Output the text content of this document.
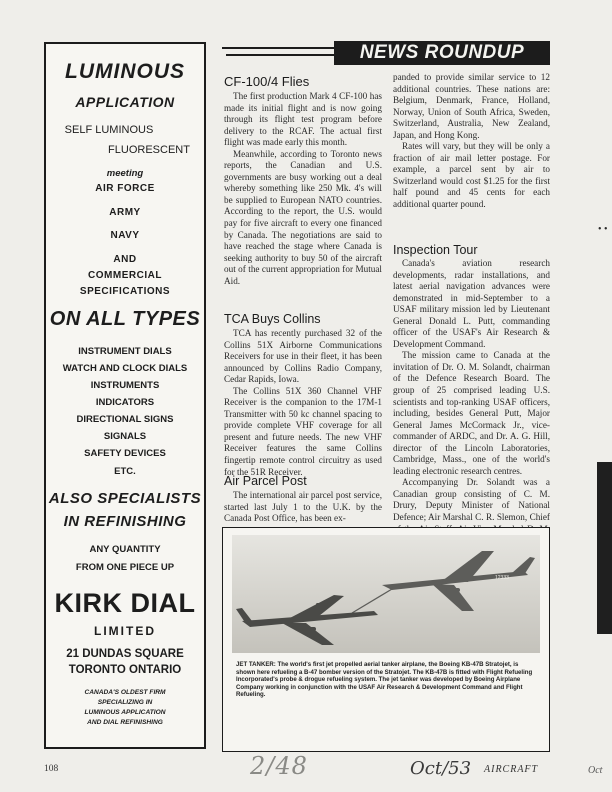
LUMINOUS
APPLICATION
SELF LUMINOUS
FLUORESCENT
meeting
AIR FORCE
ARMY
NAVY
AND
COMMERCIAL
SPECIFICATIONS
ON ALL TYPES
INSTRUMENT DIALS
WATCH AND CLOCK DIALS
INSTRUMENTS
INDICATORS
DIRECTIONAL SIGNS
SIGNALS
SAFETY DEVICES
ETC.
ALSO SPECIALISTS
IN REFINISHING
ANY QUANTITY
FROM ONE PIECE UP
KIRK DIAL
LIMITED
21 DUNDAS SQUARE
TORONTO ONTARIO
CANADA'S OLDEST FIRM
SPECIALIZING IN
LUMINOUS APPLICATION
AND DIAL REFINISHING
NEWS ROUNDUP
CF-100/4 Flies

The first production Mark 4 CF-100 has made its initial flight and is now going through its flight test program before delivery to the RCAF. The actual first flight was made early this month.

Meanwhile, according to Toronto news reports, the Canadian and U.S. governments are busy working out a deal whereby something like 250 Mk. 4's will be supplied to European NATO countries. According to the report, the U.S. would pay for five aircraft to every one financed by Canada. The negotiations are said to have reached the stage where Canada is seeking authority to buy 50 of the aircraft out of the current appropriation for Mutual Aid.

TCA Buys Collins

TCA has recently purchased 32 of the Collins 51X Airborne Communications Receivers for use in their fleet, it has been announced by Collins Radio Company, Cedar Rapids, Iowa.

The Collins 51X 360 Channel VHF Receiver is the companion to the 17M-1 Transmitter with 50 kc channel spacing to provide complete VHF coverage for all present and future needs. The new VHF Receiver features the same Collins fingertip remote control circuitry as used for the 51R Receiver.

Air Parcel Post

The international air parcel post service, started last July 1 to the U.K. by the Canada Post Office, has been ex-

panded to provide similar service to 12 additional countries. These nations are: Belgium, Denmark, France, Holland, Norway, Union of South Africa, Sweden, Switzerland, Australia, New Zealand, Japan, and Hong Kong.

Rates will vary, but they will be only a fraction of air mail letter postage. For example, a parcel sent by air to Switzerland would cost $1.25 for the first half pound and 45 cents for each additional quarter pound.

Inspection Tour

Canada's aviation research developments, radar installations, and latest aerial navigation advances were demonstrated in mid-September to a USAF military mission led by Lieutenant General Donald L. Putt, commanding officer of the USAF's Air Research & Development Command.

The mission came to Canada at the invitation of Dr. O. M. Solandt, chairman of the Defence Research Board. The group of 25 comprised leading U.S. scientists and top-ranking USAF officers, including, besides General Putt, Major General James McCormack Jr., vice-commander of ARDC, and Dr. A. G. Hill, director of the Lincoln Laboratories, Cambridge, Mass., one of the world's leading electronic research centres.

Accompanying Dr. Solandt was a Canadian group consisting of C. M. Drury, Deputy Minister of National Defence; Air Marshal C. R. Slemon, Chief

12333
JET TANKER: The world's first jet propelled aerial tanker airplane, the Boeing KB-47B Stratojet, is shown here refueling a B-47 bomber version of the Stratojet. The KB-47B is fitted with Flight Refueling Incorporated's probe & drogue refueling system. The jet tanker was developed by Boeing Airplane Company working in conjunction with the USAF Air Research & Development Command and Flight Refueling.
• •
108	2/48	Oct/53 AIRCRAFT	Oct
